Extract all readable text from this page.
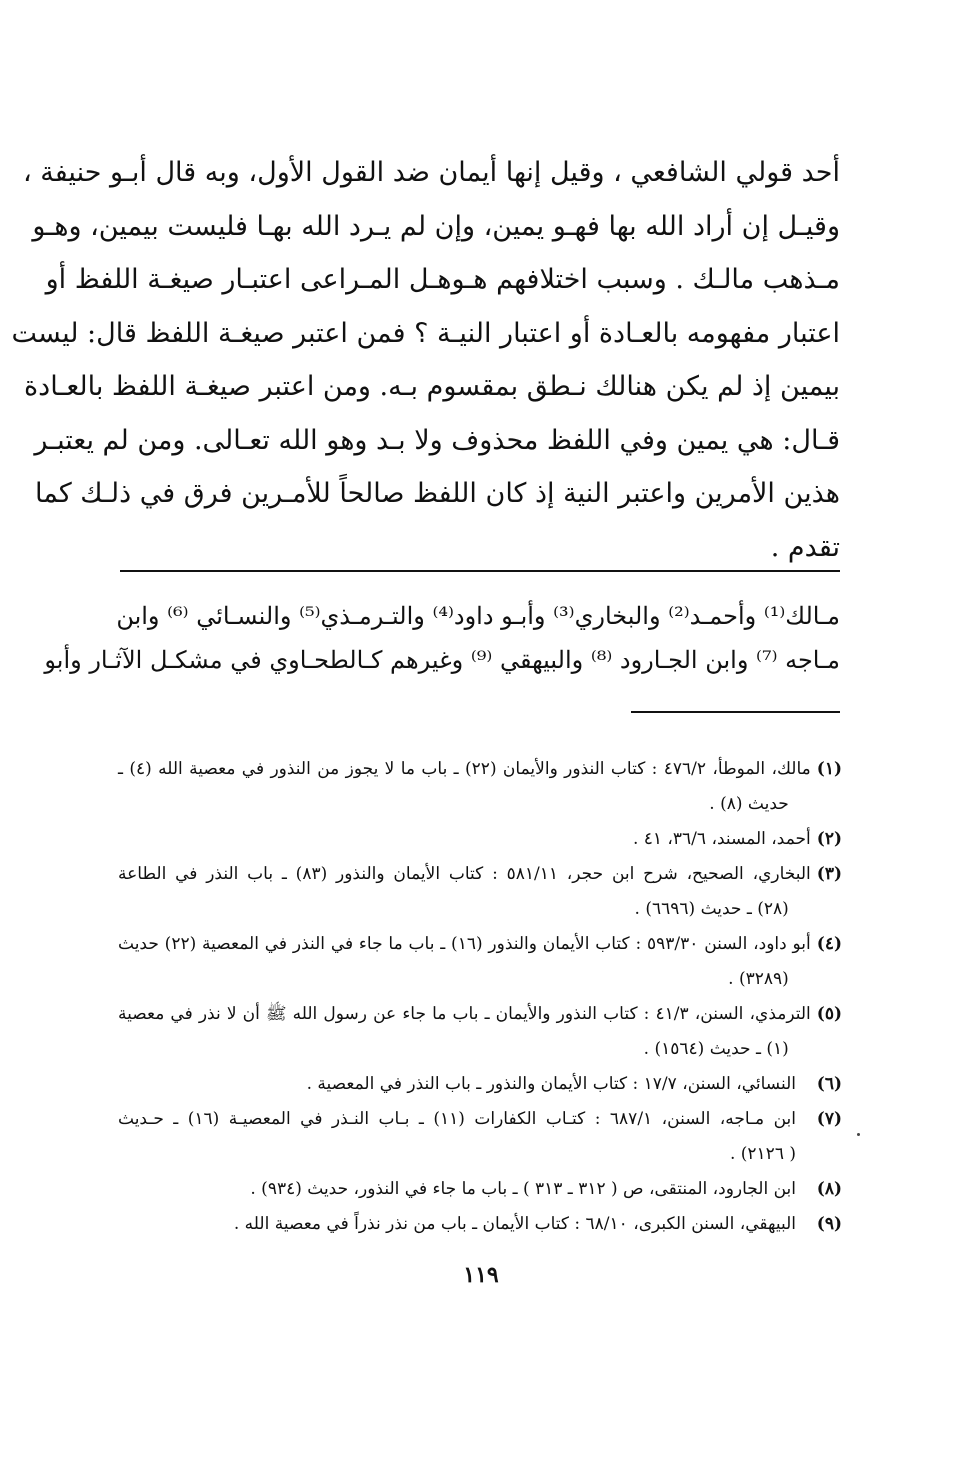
أحد قولي الشافعي ، وقيل إنها أيمان ضد القول الأول، وبه قال أبـو حنيفة ،
وقيـل إن أراد الله بها فهـو يمين، وإن لم يـرد الله بهـا فليست بيمين، وهـو
مـذهب مالـك . وسبب اختلافهم هـوهـل المـراعى اعتبـار صيغـة اللفظ أو
اعتبار مفهومه بالعـادة أو اعتبار النيـة ؟ فمن اعتبر صيغـة اللفظ قال: ليست
بيمين إذ لم يكن هنالك نـطق بمقسوم بـه. ومن اعتبر صيغـة اللفظ بالعـادة
قـال: هي يمين وفي اللفظ محذوف ولا بـد وهو الله تعـالى. ومن لم يعتبـر
هذين الأمرين واعتبر النية إذ كان اللفظ صالحاً للأمـرين فرق في ذلـك كما
تقدم .
مـالك⁽¹⁾ وأحمـد⁽²⁾ والبخاري⁽³⁾ وأبـو داود⁽⁴⁾ والتـرمـذي⁽⁵⁾ والنسـائي ⁽⁶⁾ وابن
مـاجه ⁽⁷⁾ وابن الجـارود ⁽⁸⁾ والبيهقي ⁽⁹⁾ وغيرهم كـالطحـاوي في مشكـل الآثـار وأبو
(١)
مالك، الموطأ، ٤٧٦/٢ : كتاب النذور والأيمان (٢٢) ـ باب ما لا يجوز من النذور في معصية الله (٤) ـ
حديث (٨) .
(٢)
أحمد، المسند، ٣٦/٦، ٤١ .
(٣)
البخاري، الصحيح، شرح ابن حجر، ٥٨١/١١ : كتاب الأيمان والنذور (٨٣) ـ باب النذر في الطاعة
(٢٨) ـ حديث (٦٦٩٦) .
(٤)
أبو داود، السنن ٥٩٣/٣٠ : كتاب الأيمان والنذور (١٦) ـ باب ما جاء في النذر في المعصية (٢٢) حديث
(٣٢٨٩) .
(٥)
الترمذي، السنن، ٤١/٣ : كتاب النذور والأيمان ـ باب ما جاء عن رسول الله ﷺ أن لا نذر في معصية
(١) ـ حديث (١٥٦٤) .
(٦)
النسائي، السنن، ١٧/٧ : كتاب الأيمان والنذور ـ باب النذر في المعصية .
(٧)
ابن مـاجه، السنن، ٦٨٧/١ : كتـاب الكفارات (١١) ـ بـاب النـذر في المعصيـة (١٦) ـ حـديث
( ٢١٢٦) .
(٨)
ابن الجارود، المنتقى، ص ( ٣١٢ ـ ٣١٣ ) ـ باب ما جاء في النذور، حديث (٩٣٤) .
(٩)
البيهقي، السنن الكبرى، ٦٨/١٠ : كتاب الأيمان ـ باب من نذر نذراً في معصية الله .
١١٩
